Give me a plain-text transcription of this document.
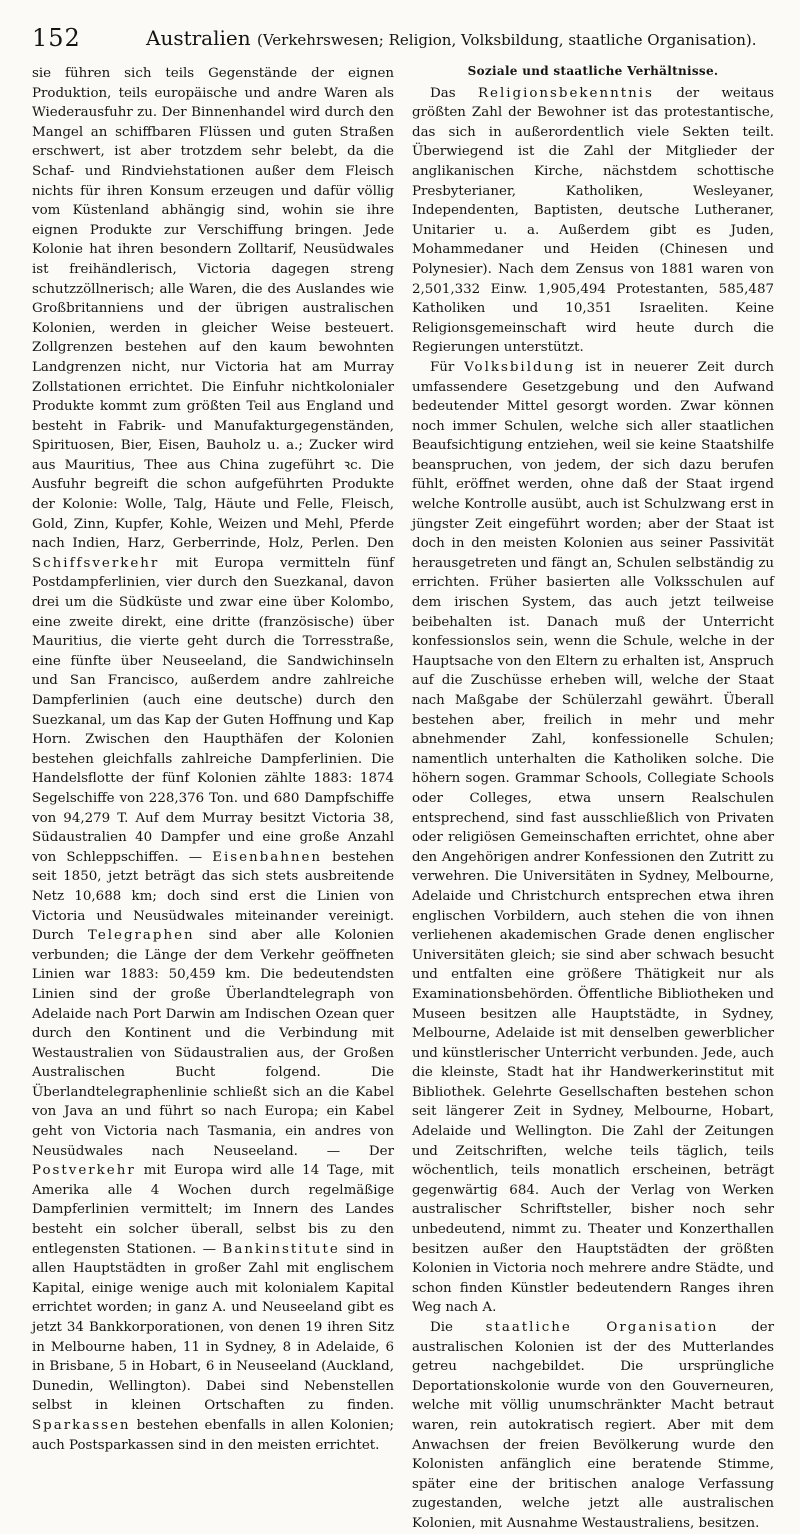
152	Australien (Verkehrswesen; Religion, Volksbildung, staatliche Organisation).

sie führen sich teils Gegenstände der eignen Produktion, teils europäische und andre Waren als Wiederausfuhr zu. Der Binnenhandel wird durch den Mangel an schiffbaren Flüssen und guten Straßen erschwert, ist aber trotzdem sehr belebt, da die Schaf- und Rindviehstationen außer dem Fleisch nichts für ihren Konsum erzeugen und dafür völlig vom Küstenland abhängig sind, wohin sie ihre eignen Produkte zur Verschiffung bringen. Jede Kolonie hat ihren besondern Zolltarif, Neusüdwales ist freihändlerisch, Victoria dagegen streng schutzzöllnerisch; alle Waren, die des Auslandes wie Großbritanniens und der übrigen australischen Kolonien, werden in gleicher Weise besteuert. Zollgrenzen bestehen auf den kaum bewohnten Landgrenzen nicht, nur Victoria hat am Murray Zollstationen errichtet. Die Einfuhr nichtkolonialer Produkte kommt zum größten Teil aus England und besteht in Fabrik- und Manufakturgegenständen, Spirituosen, Bier, Eisen, Bauholz u. a.; Zucker wird aus Mauritius, Thee aus China zugeführt ꝛc. Die Ausfuhr begreift die schon aufgeführten Produkte der Kolonie: Wolle, Talg, Häute und Felle, Fleisch, Gold, Zinn, Kupfer, Kohle, Weizen und Mehl, Pferde nach Indien, Harz, Gerberrinde, Holz, Perlen. Den Schiffsverkehr mit Europa vermitteln fünf Postdampferlinien, vier durch den Suezkanal, davon drei um die Südküste und zwar eine über Kolombo, eine zweite direkt, eine dritte (französische) über Mauritius, die vierte geht durch die Torresstraße, eine fünfte über Neuseeland, die Sandwichinseln und San Francisco, außerdem andre zahlreiche Dampferlinien (auch eine deutsche) durch den Suezkanal, um das Kap der Guten Hoffnung und Kap Horn. Zwischen den Haupthäfen der Kolonien bestehen gleichfalls zahlreiche Dampferlinien. Die Handelsflotte der fünf Kolonien zählte 1883: 1874 Segelschiffe von 228,376 Ton. und 680 Dampfschiffe von 94,279 T. Auf dem Murray besitzt Victoria 38, Südaustralien 40 Dampfer und eine große Anzahl von Schleppschiffen. — Eisenbahnen bestehen seit 1850, jetzt beträgt das sich stets ausbreitende Netz 10,688 km; doch sind erst die Linien von Victoria und Neusüdwales miteinander vereinigt. Durch Telegraphen sind aber alle Kolonien verbunden; die Länge der dem Verkehr geöffneten Linien war 1883: 50,459 km. Die bedeutendsten Linien sind der große Überlandtelegraph von Adelaide nach Port Darwin am Indischen Ozean quer durch den Kontinent und die Verbindung mit Westaustralien von Südaustralien aus, der Großen Australischen Bucht folgend. Die Überlandtelegraphenlinie schließt sich an die Kabel von Java an und führt so nach Europa; ein Kabel geht von Victoria nach Tasmania, ein andres von Neusüdwales nach Neuseeland. — Der Postverkehr mit Europa wird alle 14 Tage, mit Amerika alle 4 Wochen durch regelmäßige Dampferlinien vermittelt; im Innern des Landes besteht ein solcher überall, selbst bis zu den entlegensten Stationen. — Bankinstitute sind in allen Hauptstädten in großer Zahl mit englischem Kapital, einige wenige auch mit kolonialem Kapital errichtet worden; in ganz A. und Neuseeland gibt es jetzt 34 Bankkorporationen, von denen 19 ihren Sitz in Melbourne haben, 11 in Sydney, 8 in Adelaide, 6 in Brisbane, 5 in Hobart, 6 in Neuseeland (Auckland, Dunedin, Wellington). Dabei sind Nebenstellen selbst in kleinen Ortschaften zu finden. Sparkassen bestehen ebenfalls in allen Kolonien; auch Postsparkassen sind in den meisten errichtet.

Soziale und staatliche Verhältnisse.

Das Religionsbekenntnis der weitaus größten Zahl der Bewohner ist das protestantische, das sich in außerordentlich viele Sekten teilt. Überwiegend ist die Zahl der Mitglieder der anglikanischen Kirche, nächstdem schottische Presbyterianer, Katholiken, Wesleyaner, Independenten, Baptisten, deutsche Lutheraner, Unitarier u. a. Außerdem gibt es Juden, Mohammedaner und Heiden (Chinesen und Polynesier). Nach dem Zensus von 1881 waren von 2,501,332 Einw. 1,905,494 Protestanten, 585,487 Katholiken und 10,351 Israeliten. Keine Religionsgemeinschaft wird heute durch die Regierungen unterstützt.

Für Volksbildung ist in neuerer Zeit durch umfassendere Gesetzgebung und den Aufwand bedeutender Mittel gesorgt worden. Zwar können noch immer Schulen, welche sich aller staatlichen Beaufsichtigung entziehen, weil sie keine Staatshilfe beanspruchen, von jedem, der sich dazu berufen fühlt, eröffnet werden, ohne daß der Staat irgend welche Kontrolle ausübt, auch ist Schulzwang erst in jüngster Zeit eingeführt worden; aber der Staat ist doch in den meisten Kolonien aus seiner Passivität herausgetreten und fängt an, Schulen selbständig zu errichten. Früher basierten alle Volksschulen auf dem irischen System, das auch jetzt teilweise beibehalten ist. Danach muß der Unterricht konfessionslos sein, wenn die Schule, welche in der Hauptsache von den Eltern zu erhalten ist, Anspruch auf die Zuschüsse erheben will, welche der Staat nach Maßgabe der Schülerzahl gewährt. Überall bestehen aber, freilich in mehr und mehr abnehmender Zahl, konfessionelle Schulen; namentlich unterhalten die Katholiken solche. Die höhern sogen. Grammar Schools, Collegiate Schools oder Colleges, etwa unsern Realschulen entsprechend, sind fast ausschließlich von Privaten oder religiösen Gemeinschaften errichtet, ohne aber den Angehörigen andrer Konfessionen den Zutritt zu verwehren. Die Universitäten in Sydney, Melbourne, Adelaide und Christchurch entsprechen etwa ihren englischen Vorbildern, auch stehen die von ihnen verliehenen akademischen Grade denen englischer Universitäten gleich; sie sind aber schwach besucht und entfalten eine größere Thätigkeit nur als Examinationsbehörden. Öffentliche Bibliotheken und Museen besitzen alle Hauptstädte, in Sydney, Melbourne, Adelaide ist mit denselben gewerblicher und künstlerischer Unterricht verbunden. Jede, auch die kleinste, Stadt hat ihr Handwerkerinstitut mit Bibliothek. Gelehrte Gesellschaften bestehen schon seit längerer Zeit in Sydney, Melbourne, Hobart, Adelaide und Wellington. Die Zahl der Zeitungen und Zeitschriften, welche teils täglich, teils wöchentlich, teils monatlich erscheinen, beträgt gegenwärtig 684. Auch der Verlag von Werken australischer Schriftsteller, bisher noch sehr unbedeutend, nimmt zu. Theater und Konzerthallen besitzen außer den Hauptstädten der größten Kolonien in Victoria noch mehrere andre Städte, und schon finden Künstler bedeutendern Ranges ihren Weg nach A.

Die staatliche Organisation der australischen Kolonien ist der des Mutterlandes getreu nachgebildet. Die ursprüngliche Deportationskolonie wurde von den Gouverneuren, welche mit völlig unumschränkter Macht betraut waren, rein autokratisch regiert. Aber mit dem Anwachsen der freien Bevölkerung wurde den Kolonisten anfänglich eine beratende Stimme, später eine der britischen analoge Verfassung zugestanden, welche jetzt alle australischen Kolonien, mit Ausnahme Westaustraliens, besitzen.
